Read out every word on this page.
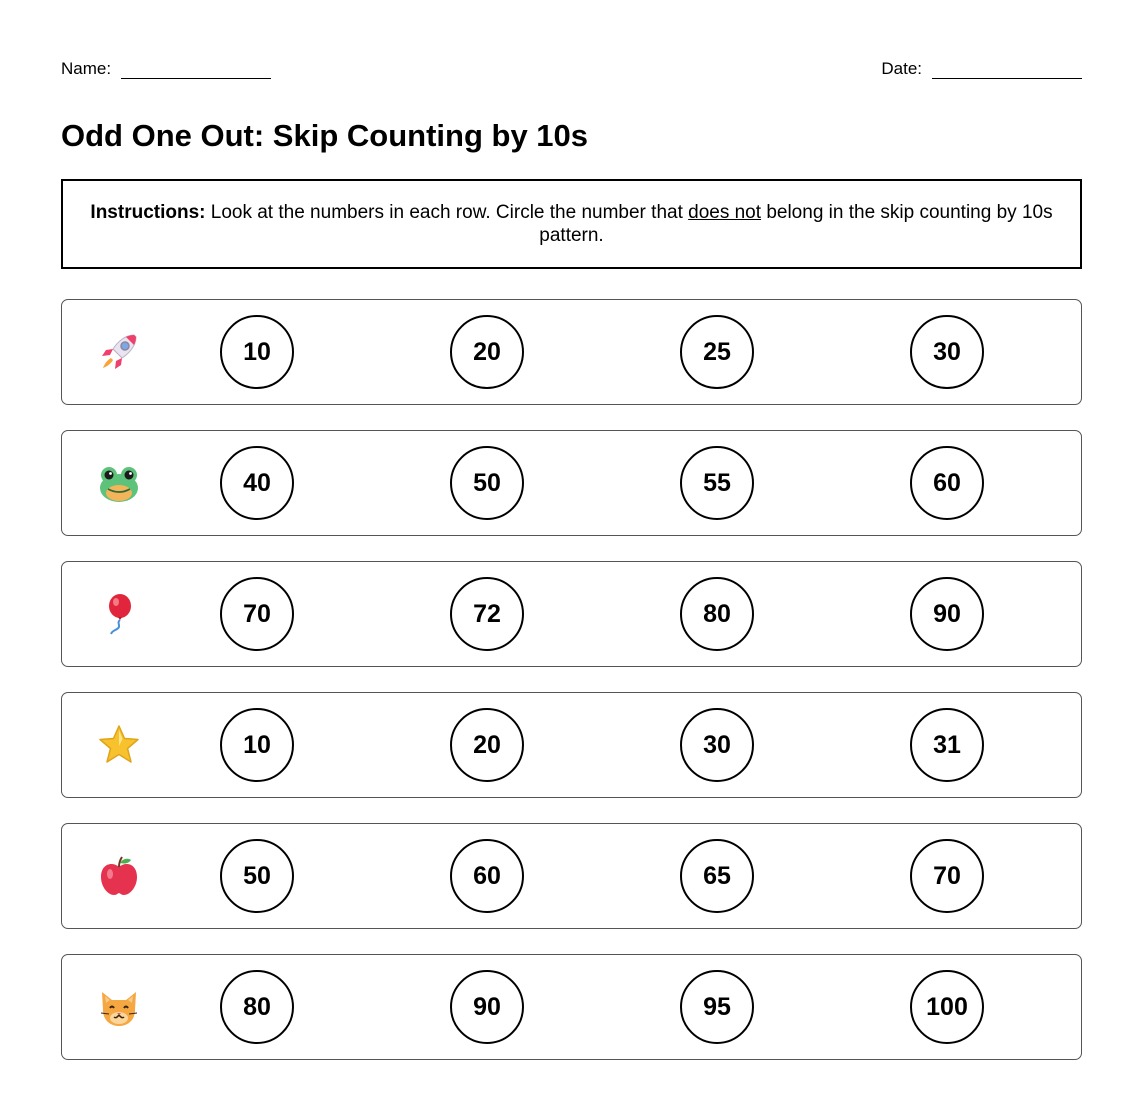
Name:	Date:
Odd One Out: Skip Counting by 10s
Instructions: Look at the numbers in each row. Circle the number that does not belong in the skip counting by 10s pattern.
10	20	25	30
40	50	55	60
70	72	80	90
10	20	30	31
50	60	65	70
80	90	95	100
